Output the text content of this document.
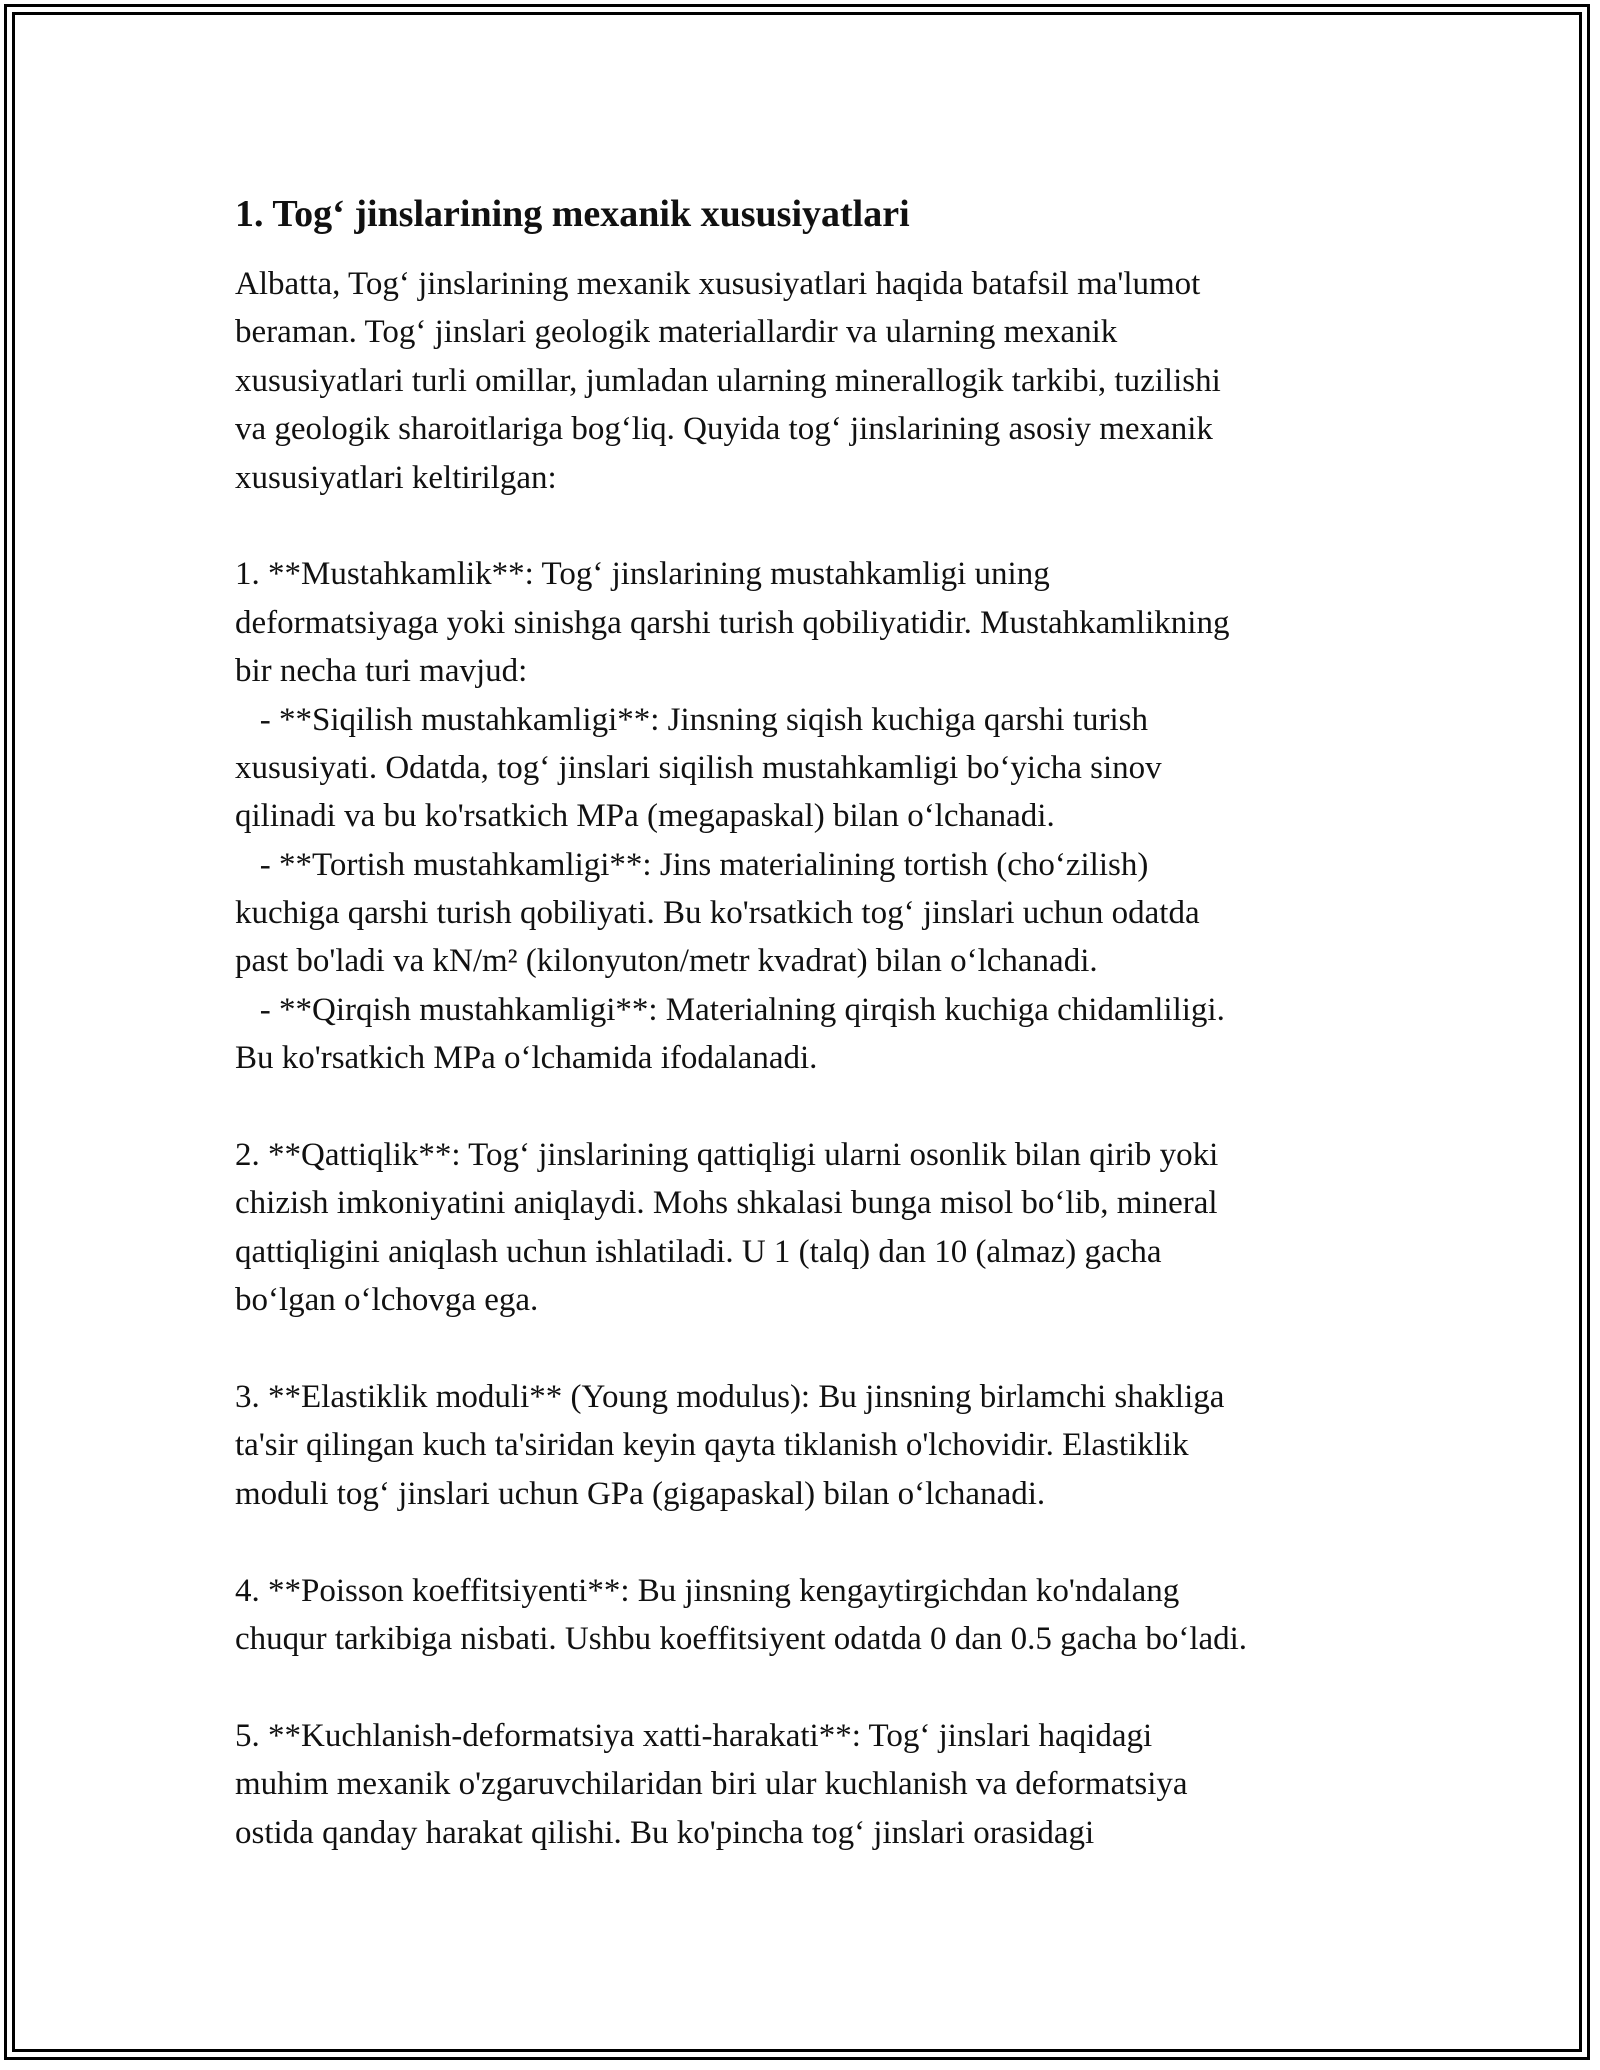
1. Tog‘ jinslarining mexanik xususiyatlari
Albatta, Tog‘ jinslarining mexanik xususiyatlari haqida batafsil ma'lumot
beraman. Tog‘ jinslari geologik materiallardir va ularning mexanik
xususiyatlari turli omillar, jumladan ularning minerallogik tarkibi, tuzilishi
va geologik sharoitlariga bog‘liq. Quyida tog‘ jinslarining asosiy mexanik
xususiyatlari keltirilgan:
1. **Mustahkamlik**: Tog‘ jinslarining mustahkamligi uning
deformatsiyaga yoki sinishga qarshi turish qobiliyatidir. Mustahkamlikning
bir necha turi mavjud:
- **Siqilish mustahkamligi**: Jinsning siqish kuchiga qarshi turish
xususiyati. Odatda, tog‘ jinslari siqilish mustahkamligi bo‘yicha sinov
qilinadi va bu ko'rsatkich MPa (megapaskal) bilan o‘lchanadi.
- **Tortish mustahkamligi**: Jins materialining tortish (cho‘zilish)
kuchiga qarshi turish qobiliyati. Bu ko'rsatkich tog‘ jinslari uchun odatda
past bo'ladi va kN/m² (kilonyuton/metr kvadrat) bilan o‘lchanadi.
- **Qirqish mustahkamligi**: Materialning qirqish kuchiga chidamliligi.
Bu ko'rsatkich MPa o‘lchamida ifodalanadi.
2. **Qattiqlik**: Tog‘ jinslarining qattiqligi ularni osonlik bilan qirib yoki
chizish imkoniyatini aniqlaydi. Mohs shkalasi bunga misol bo‘lib, mineral
qattiqligini aniqlash uchun ishlatiladi. U 1 (talq) dan 10 (almaz) gacha
bo‘lgan o‘lchovga ega.
3. **Elastiklik moduli** (Young modulus): Bu jinsning birlamchi shakliga
ta'sir qilingan kuch ta'siridan keyin qayta tiklanish o'lchovidir. Elastiklik
moduli tog‘ jinslari uchun GPa (gigapaskal) bilan o‘lchanadi.
4. **Poisson koeffitsiyenti**: Bu jinsning kengaytirgichdan ko'ndalang
chuqur tarkibiga nisbati. Ushbu koeffitsiyent odatda 0 dan 0.5 gacha bo‘ladi.
5. **Kuchlanish-deformatsiya xatti-harakati**: Tog‘ jinslari haqidagi
muhim mexanik o'zgaruvchilaridan biri ular kuchlanish va deformatsiya
ostida qanday harakat qilishi. Bu ko'pincha tog‘ jinslari orasidagi
